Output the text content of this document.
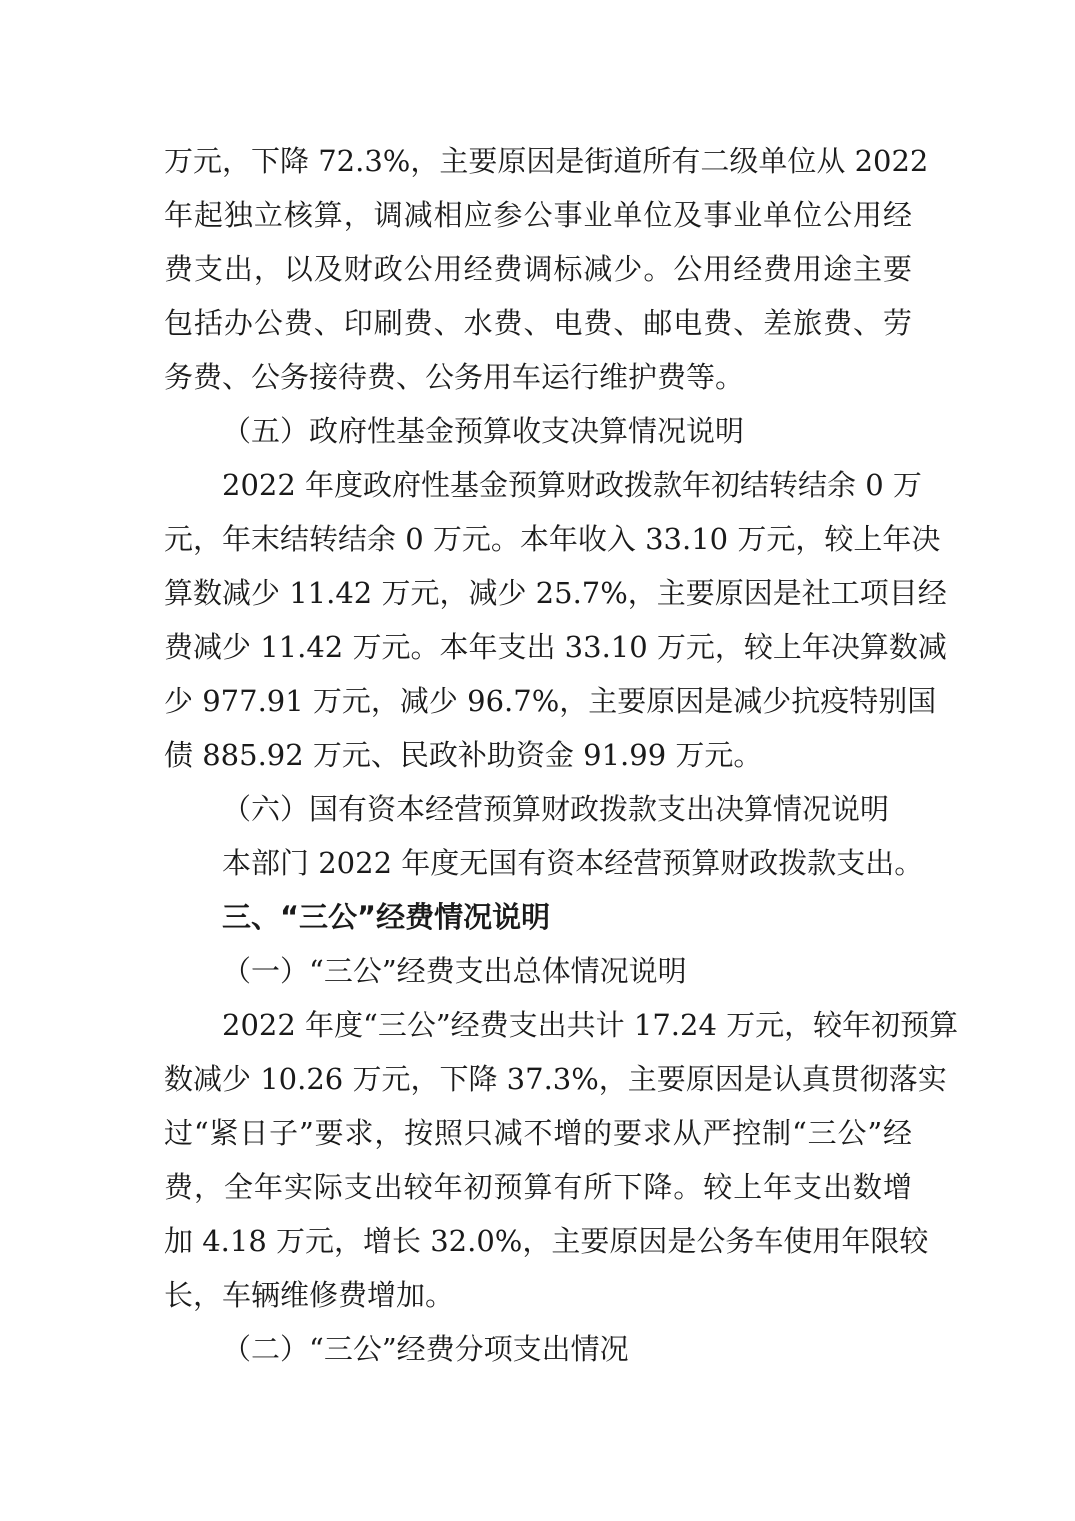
万元，下降 72.3%，主要原因是街道所有二级单位从 2022
年起独立核算，调减相应参公事业单位及事业单位公用经
费支出，以及财政公用经费调标减少。公用经费用途主要
包括办公费、印刷费、水费、电费、邮电费、差旅费、劳
务费、公务接待费、公务用车运行维护费等。
（五）政府性基金预算收支决算情况说明
2022 年度政府性基金预算财政拨款年初结转结余 0 万
元，年末结转结余 0 万元。本年收入 33.10 万元，较上年决
算数减少 11.42 万元，减少 25.7%，主要原因是社工项目经
费减少 11.42 万元。本年支出 33.10 万元，较上年决算数减
少 977.91 万元，减少 96.7%，主要原因是减少抗疫特别国
债 885.92 万元、民政补助资金 91.99 万元。
（六）国有资本经营预算财政拨款支出决算情况说明
本部门 2022 年度无国有资本经营预算财政拨款支出。
三、“三公”经费情况说明
（一）“三公”经费支出总体情况说明
2022 年度“三公”经费支出共计 17.24 万元，较年初预算
数减少 10.26 万元，下降 37.3%，主要原因是认真贯彻落实
过“紧日子”要求，按照只减不增的要求从严控制“三公”经
费，全年实际支出较年初预算有所下降。较上年支出数增
加 4.18 万元，增长 32.0%，主要原因是公务车使用年限较
长，车辆维修费增加。
（二）“三公”经费分项支出情况
